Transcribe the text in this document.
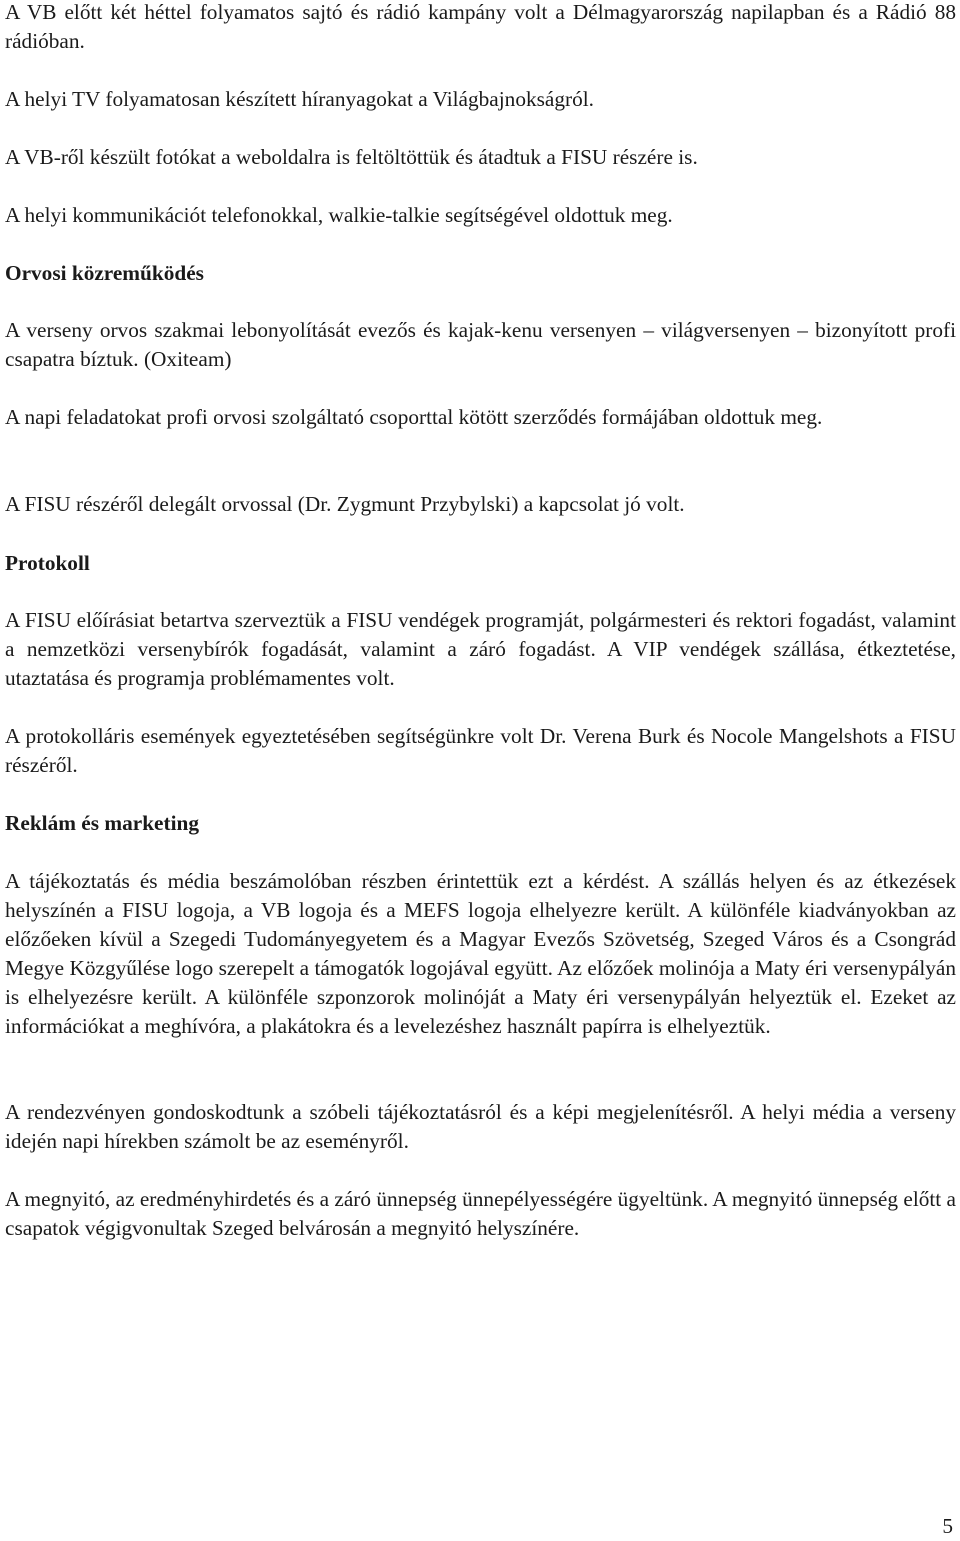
A VB előtt két héttel folyamatos sajtó és rádió kampány volt a Délmagyarország napilapban és a Rádió 88 rádióban.

A helyi TV folyamatosan készített híranyagokat a Világbajnokságról.

A VB-ről készült fotókat a weboldalra is feltöltöttük és átadtuk a FISU részére is.

A helyi kommunikációt telefonokkal, walkie-talkie segítségével oldottuk meg.

Orvosi közreműködés

A verseny orvos szakmai lebonyolítását evezős és kajak-kenu versenyen – világversenyen – bizonyított profi csapatra bíztuk. (Oxiteam)

A napi feladatokat profi orvosi szolgáltató csoporttal kötött szerződés formájában oldottuk meg.

A FISU részéről delegált orvossal (Dr. Zygmunt Przybylski) a kapcsolat jó volt.

Protokoll

A FISU előírásiat betartva szerveztük a FISU vendégek programját, polgármesteri és rektori fogadást, valamint a nemzetközi versenybírók fogadását, valamint a záró fogadást. A VIP vendégek szállása, étkeztetése, utaztatása és programja problémamentes volt.

A protokolláris események egyeztetésében segítségünkre volt Dr. Verena Burk és Nocole Mangelshots a FISU részéről.

Reklám és marketing

A tájékoztatás és média beszámolóban részben érintettük ezt a kérdést. A szállás helyen és az étkezések helyszínén a FISU logoja, a VB logoja és a MEFS logoja elhelyezre került. A különféle kiadványokban az előzőeken kívül a Szegedi Tudományegyetem és a Magyar Evezős Szövetség, Szeged Város és a Csongrád Megye Közgyűlése logo szerepelt a támogatók logojával együtt. Az előzőek molinója a Maty éri versenypályán is elhelyezésre került. A különféle szponzorok molinóját a Maty éri versenypályán helyeztük el. Ezeket az információkat a meghívóra, a plakátokra és a levelezéshez használt papírra is elhelyeztük.

A rendezvényen gondoskodtunk a szóbeli tájékoztatásról és a képi megjelenítésről. A helyi média a verseny idején napi hírekben számolt be az eseményről.

A megnyitó, az eredményhirdetés és a záró ünnepség ünnepélyességére ügyeltünk. A megnyitó ünnepség előtt a csapatok végigvonultak Szeged belvárosán a megnyitó helyszínére.

5
